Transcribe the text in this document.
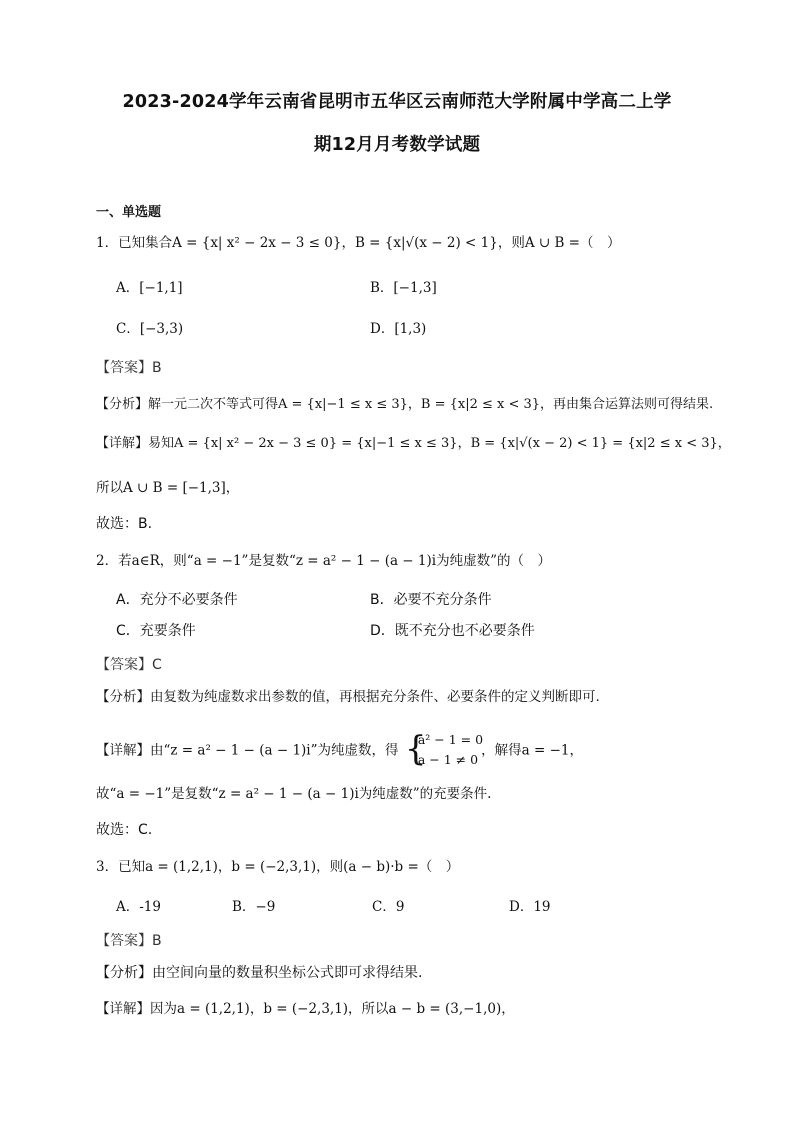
2023-2024学年云南省昆明市五华区云南师范大学附属中学高二上学
期12月月考数学试题
一、单选题
1．已知集合A = {x| x² − 2x − 3 ≤ 0}，B = {x|√(x − 2) < 1}，则A ∪ B =（　）
A．[−1,1]	B．[−1,3]
C．[−3,3)	D．[1,3)
【答案】B
【分析】解一元二次不等式可得A = {x|−1 ≤ x ≤ 3}，B = {x|2 ≤ x < 3}，再由集合运算法则可得结果.
【详解】易知A = {x| x² − 2x − 3 ≤ 0} = {x|−1 ≤ x ≤ 3}，B = {x|√(x − 2) < 1} = {x|2 ≤ x < 3}，
所以A ∪ B = [−1,3]，
故选：B.
2．若a∈R，则“a = −1”是复数“z = a² − 1 − (a − 1)i为纯虚数”的（　）
A．充分不必要条件	B．必要不充分条件
C．充要条件	D．既不充分也不必要条件
【答案】C
【分析】由复数为纯虚数求出参数的值，再根据充分条件、必要条件的定义判断即可.
【详解】由“z = a² − 1 − (a − 1)i”为纯虚数，得 {
a² − 1 = 0
a − 1 ≠ 0
，解得a = −1，
故“a = −1”是复数“z = a² − 1 − (a − 1)i为纯虚数”的充要条件.
故选：C.
3．已知a = (1,2,1)，b = (−2,3,1)，则(a − b)·b =（　）
A．-19	B．−9	C．9	D．19
【答案】B
【分析】由空间向量的数量积坐标公式即可求得结果.
【详解】因为a = (1,2,1)，b = (−2,3,1)，所以a − b = (3,−1,0)，
